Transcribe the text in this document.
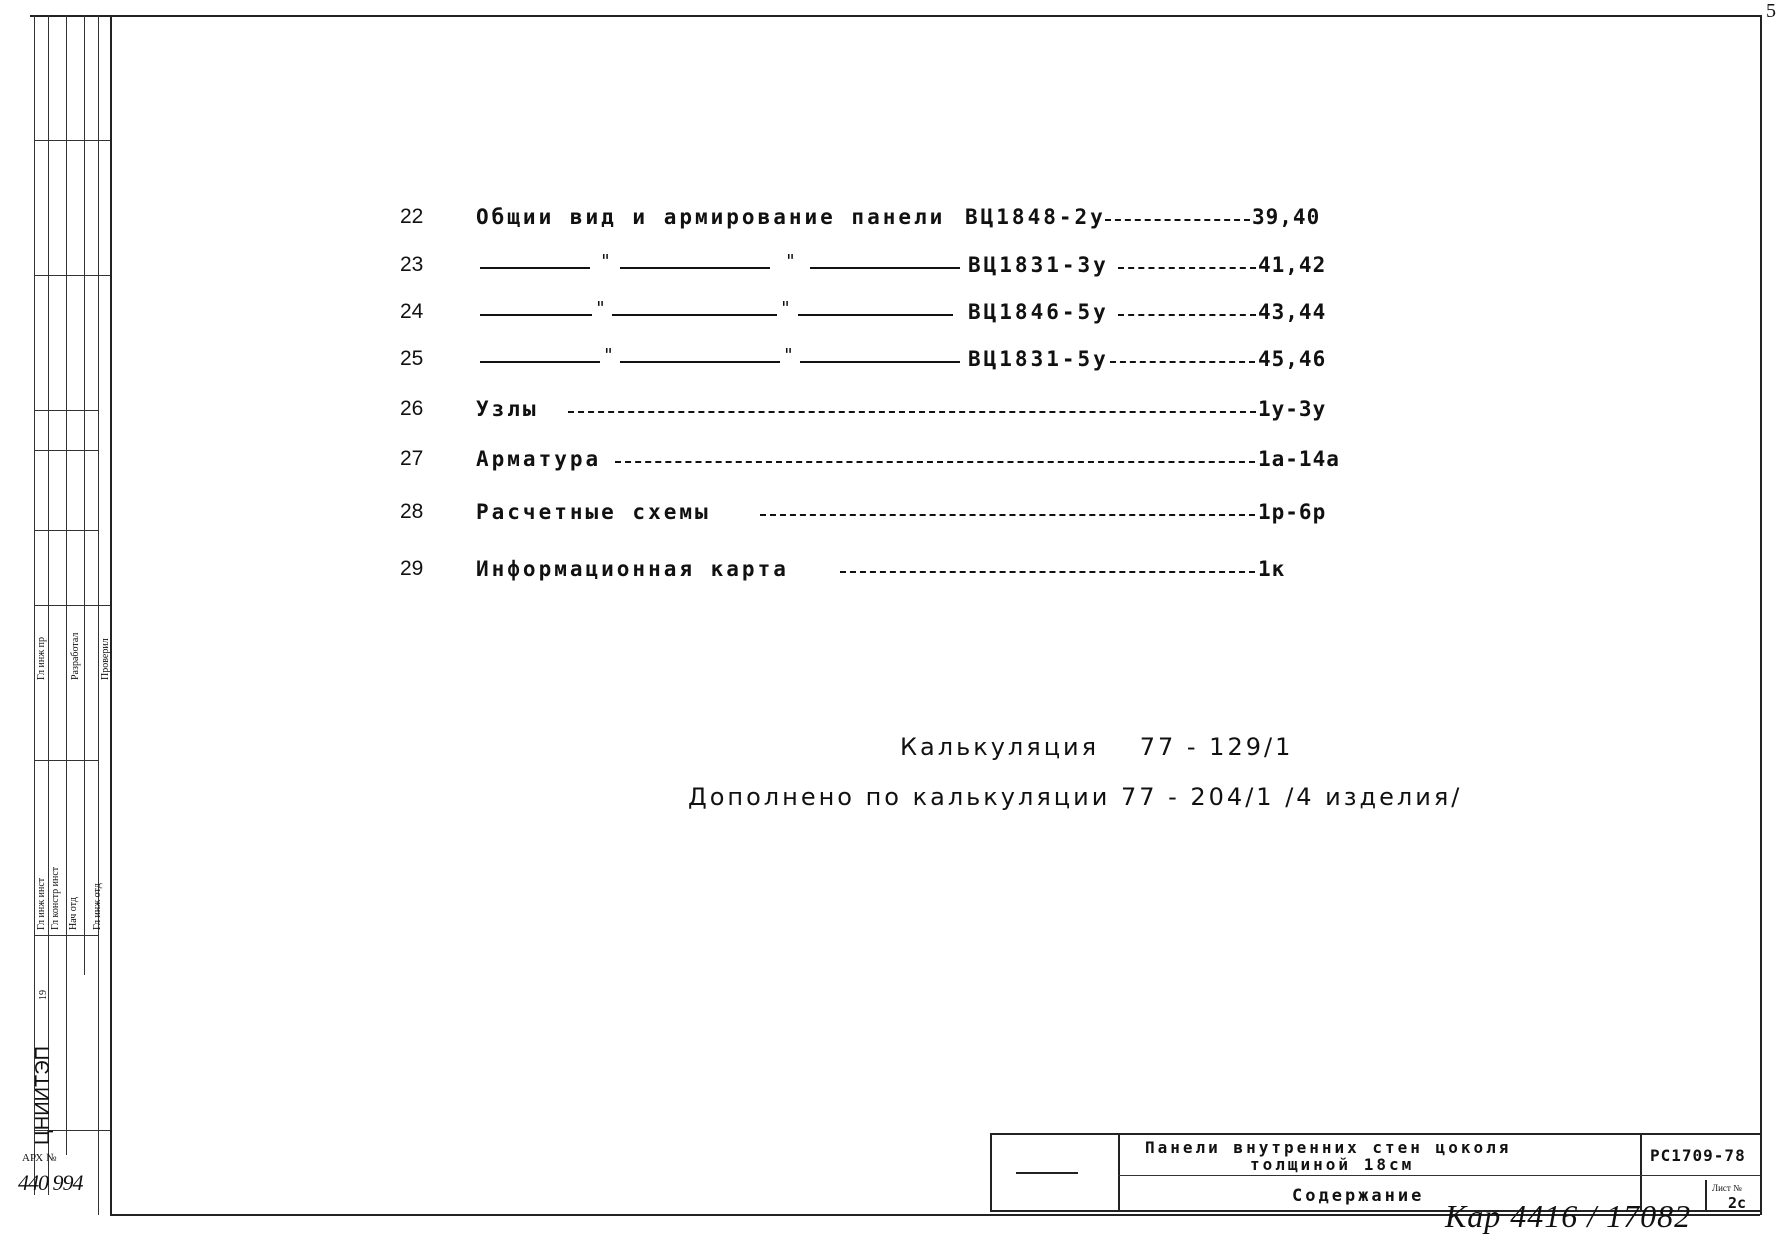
5
Гл инж пр Разработал Проверил
Гл инж инст Гл констр инст Нач отд Гл инж отд
19
ЦНИИТЭП
АРХ №
440 994
22	Общии вид и армирование панели ВЦ1848-2у	39,40
23	"	"	ВЦ1831-3у	41,42
24	"	"	ВЦ1846-5у	43,44
25	"	"	ВЦ1831-5у	45,46
26	Узлы	1у-3у
27	Арматура	1а-14а
28	Расчетные схемы	1р-6р
29	Информационная карта	1к
Калькуляция 77 - 129/1
Дополнено по калькуляции 77 - 204/1 /4 изделия/
Панели внутренних стен цоколя
толщиной 18см
Содержание
РС1709-78
Лист №
2с
Кар 4416 / 17082
